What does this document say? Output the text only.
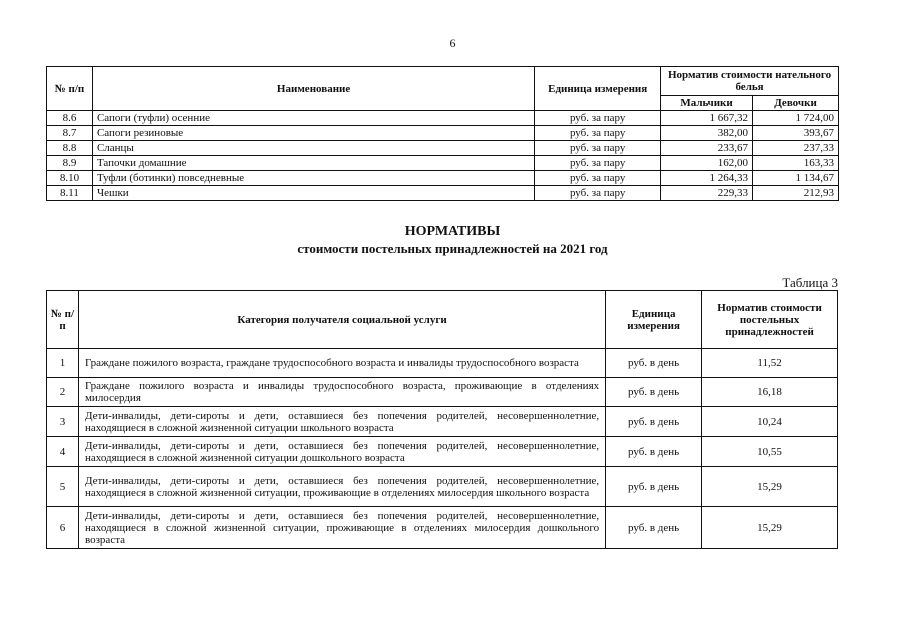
6
№ п/п	Наименование	Единица измерения	Норматив стоимости нательного белья	
			Мальчики	Девочки
8.6	Сапоги (туфли) осенние	руб. за пару	1 667,32	1 724,00
8.7	Сапоги резиновые	руб. за пару	382,00	393,67
8.8	Сланцы	руб. за пару	233,67	237,33
8.9	Тапочки домашние	руб. за пару	162,00	163,33
8.10	Туфли (ботинки) повседневные	руб. за пару	1 264,33	1 134,67
8.11	Чешки	руб. за пару	229,33	212,93
НОРМАТИВЫ
стоимости постельных принадлежностей на 2021 год
Таблица 3
№ п/п	Категория получателя социальной услуги	Единица измерения	Норматив стоимости постельных принадлежностей
1	Граждане пожилого возраста, граждане трудоспособного возраста и инвалиды трудоспособного возраста	руб. в день	11,52
2	Граждане пожилого возраста и инвалиды трудоспособного возраста, проживающие в отделениях милосердия	руб. в день	16,18
3	Дети-инвалиды, дети-сироты и дети, оставшиеся без попечения родителей, несовершеннолетние, находящиеся в сложной жизненной ситуации школьного возраста	руб. в день	10,24
4	Дети-инвалиды, дети-сироты и дети, оставшиеся без попечения родителей, несовершеннолетние, находящиеся в сложной жизненной ситуации дошкольного возраста	руб. в день	10,55
5	Дети-инвалиды, дети-сироты и дети, оставшиеся без попечения родителей, несовершеннолетние, находящиеся в сложной жизненной ситуации, проживающие в отделениях милосердия школьного возраста	руб. в день	15,29
6	Дети-инвалиды, дети-сироты и дети, оставшиеся без попечения родителей, несовершеннолетние, находящиеся в сложной жизненной ситуации, проживающие в отделениях милосердия дошкольного возраста	руб. в день	15,29
